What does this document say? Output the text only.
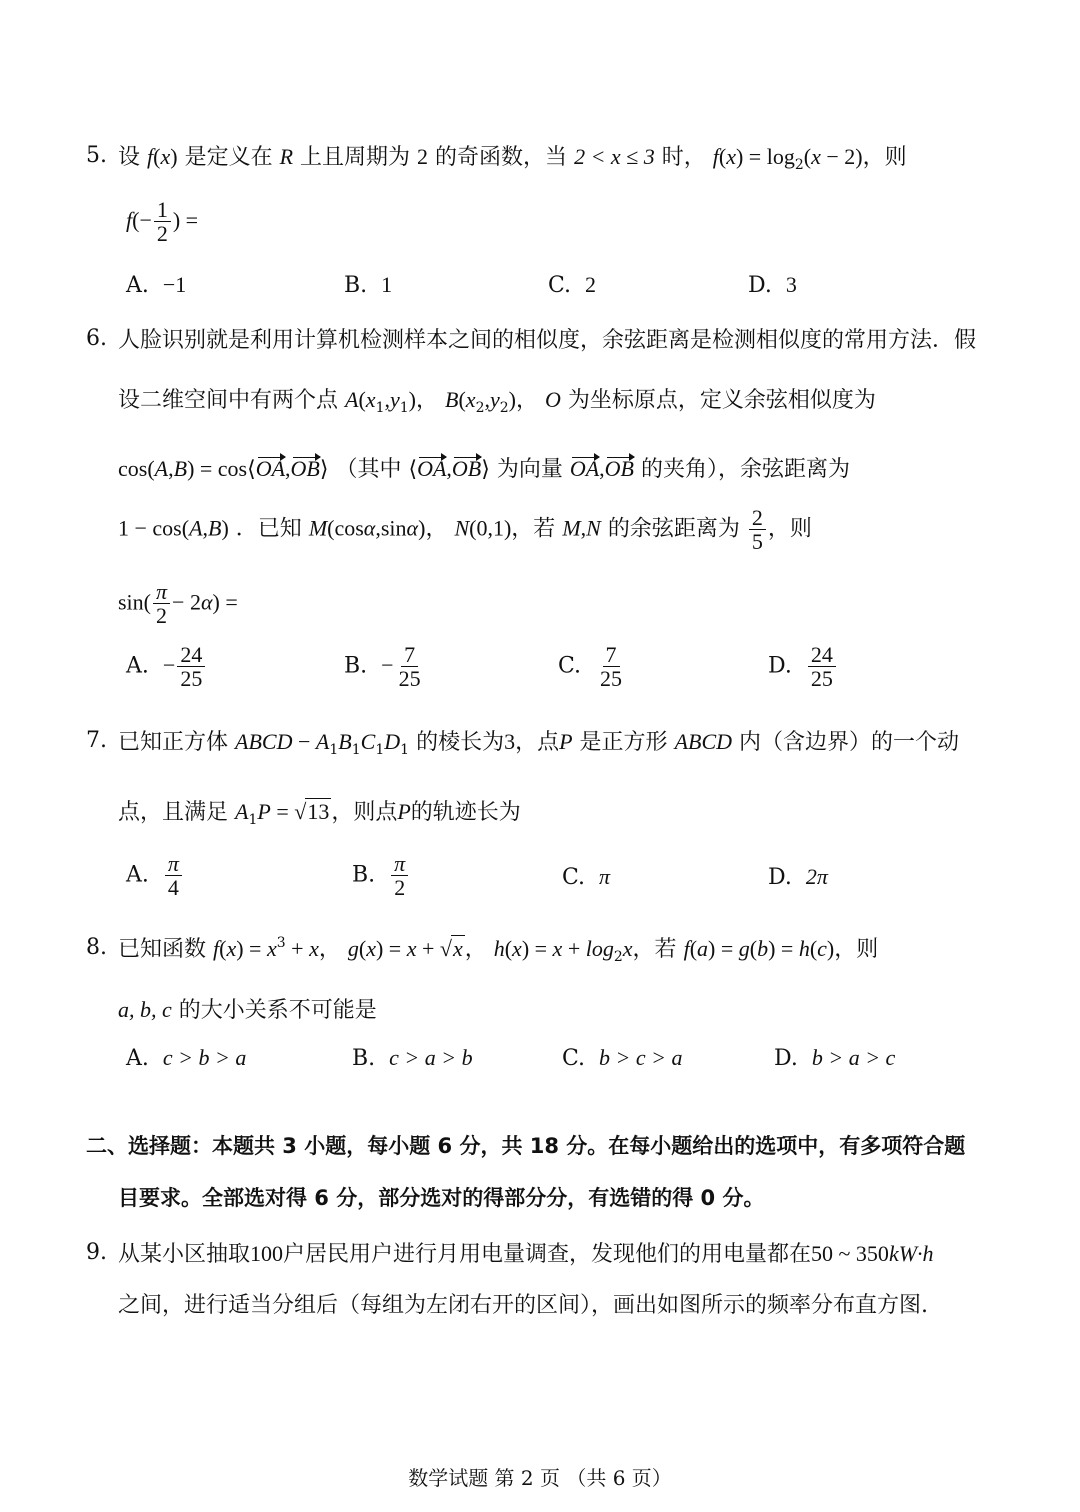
5. 设 f(x) 是定义在 R 上且周期为 2 的奇函数，当 2 < x ≤ 3 时， $f(x) = \log_2(x - 2)$，则
$f(- \frac{1}{2}$ ) =
A. −1	B. 1	C. 2	D. 3
6. 人脸识别就是利用计算机检测样本之间的相似度，余弦距离是检测相似度的常用方法．假
设二维空间中有两个点 $A(x_1,y_1)$， $B(x_2,y_2)$， O 为坐标原点，定义余弦相似度为
cos(A,B) = cos⟨OA,OB⟩ （其中 ⟨OA,OB⟩ 为向量 OA,OB 的夹角），余弦距离为
1 − cos(A,B) ．已知 M(cosα,sinα)， N(0,1)，若 M,N 的余弦距离为 $\frac{2}{5}$ ，则
$\sin( \frac{\pi}{2} - 2\alpha)$ =
A. − $\frac{24}{25}$	B. − $\frac{7}{25}$	C. $\frac{7}{25}$	D. $\frac{24}{25}$
7. 已知正方体 ABCD − $A_1B_1C_1D_1$ 的棱长为3，点P 是正方形 ABCD 内（含边界）的一个动
点，且满足 $A_1P = √13$，则点P的轨迹长为
A. $\frac{\pi}{4}$	B. $\frac{\pi}{2}$	C. π	D. 2π
8. 已知函数 $f(x) = x^3 + x$， g(x) = x + √x， $h(x) = x + \log_2x$，若 f(a) = g(b) = h(c)，则
a, b, c 的大小关系不可能是
A. c > b > a	B. c > a > b	C. b > c > a	D. b > a > c
二、选择题：本题共 3 小题，每小题 6 分，共 18 分。在每小题给出的选项中，有多项符合题
目要求。全部选对得 6 分，部分选对的得部分分，有选错的得 0 分。
9. 从某小区抽取100户居民用户进行月用电量调查，发现他们的用电量都在50 ~ 350kW·h
之间，进行适当分组后（每组为左闭右开的区间），画出如图所示的频率分布直方图.
数学试题 第 2 页 （共 6 页）
